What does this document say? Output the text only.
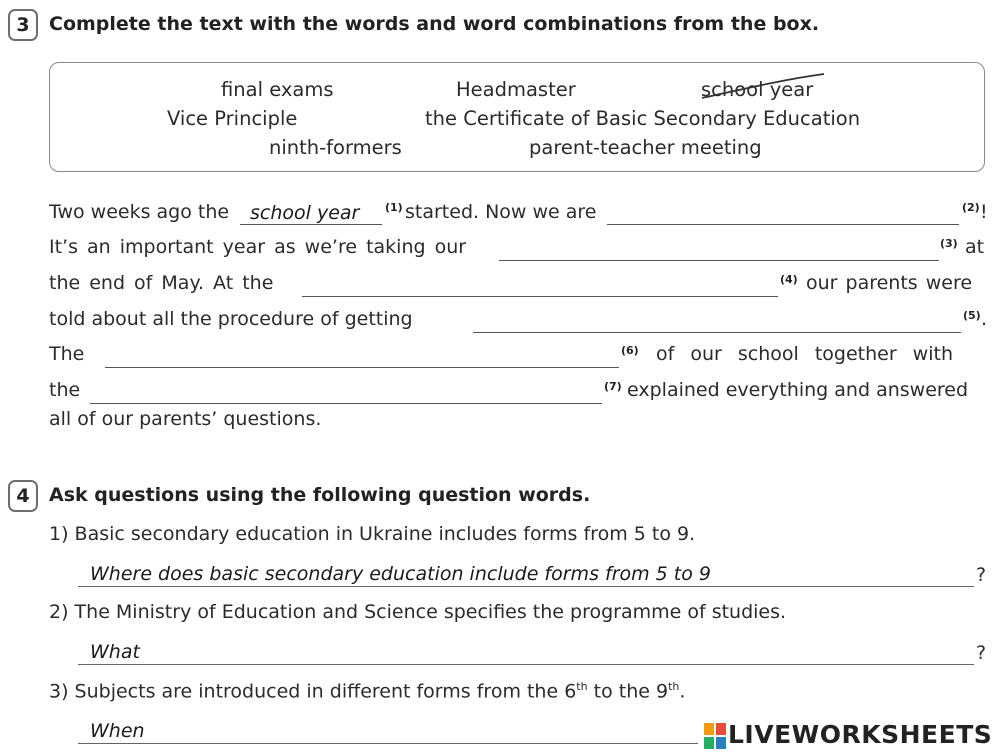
3	Complete the text with the words and word combinations from the box.
final exams	Headmaster	school year
Vice Principle	the Certificate of Basic Secondary Education
ninth-formers	parent-teacher meeting
Two weeks ago the school year (1) started. Now we are	(2) !
It’s an important year as we’re taking our	(3) at
the end of May. At the	(4) our parents were
told about all the procedure of getting	(5) .
The	(6) of our school together with
the	(7) explained everything and answered
all of our parents’ questions.
4	Ask questions using the following question words.
1) Basic secondary education in Ukraine includes forms from 5 to 9.
Where does basic secondary education include forms from 5 to 9	?
2) The Ministry of Education and Science specifies the programme of studies.
What	?
3) Subjects are introduced in different forms from the 6th to the 9th.
When	LIVEWORKSHEETS
